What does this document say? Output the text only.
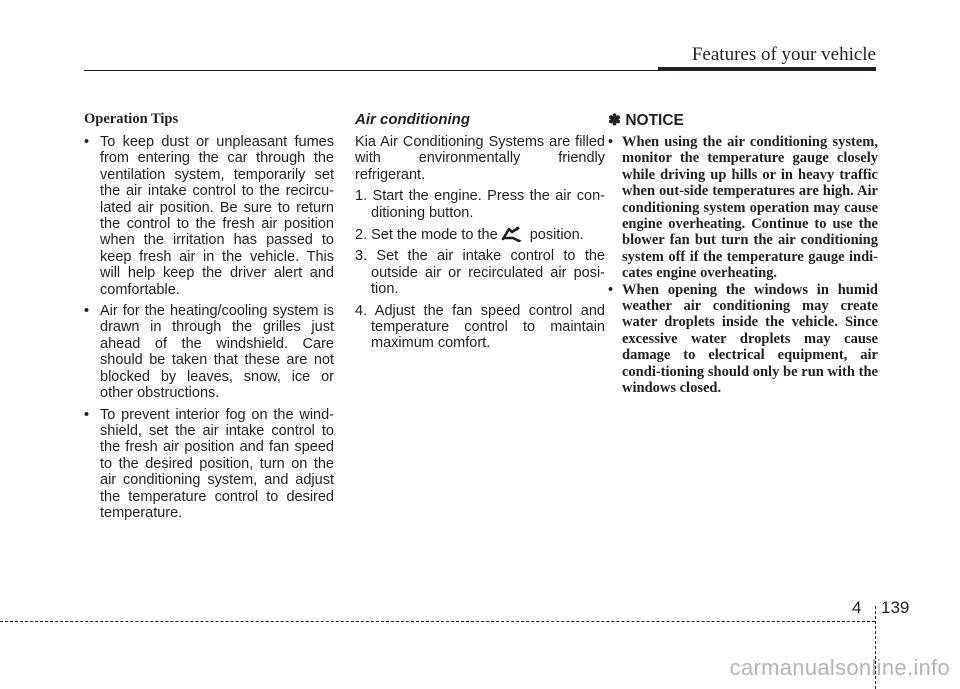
Features of your vehicle
Operation Tips
• To keep dust or unpleasant fumes from entering the car through the ventilation system, temporarily set the air intake control to the recircu-lated air position. Be sure to return the control to the fresh air position when the irritation has passed to keep fresh air in the vehicle. This will help keep the driver alert and comfortable.
• Air for the heating/cooling system is drawn in through the grilles just ahead of the windshield. Care should be taken that these are not blocked by leaves, snow, ice or other obstructions.
• To prevent interior fog on the wind-shield, set the air intake control to the fresh air position and fan speed to the desired position, turn on the air conditioning system, and adjust the temperature control to desired temperature.
Air conditioning
Kia Air Conditioning Systems are filled with environmentally friendly refrigerant.
1. Start the engine. Press the air con-ditioning button.
2. Set the mode to the position.
3. Set the air intake control to the outside air or recirculated air posi-tion.
4. Adjust the fan speed control and temperature control to maintain maximum comfort.
✽ NOTICE
• When using the air conditioning system, monitor the temperature gauge closely while driving up hills or in heavy traffic when out-side temperatures are high. Air conditioning system operation may cause engine overheating. Continue to use the blower fan but turn the air conditioning system off if the temperature gauge indi-cates engine overheating.
• When opening the windows in humid weather air conditioning may create water droplets inside the vehicle. Since excessive water droplets may cause damage to electrical equipment, air condi-tioning should only be run with the windows closed.
4 139
carmanualsonline.info
